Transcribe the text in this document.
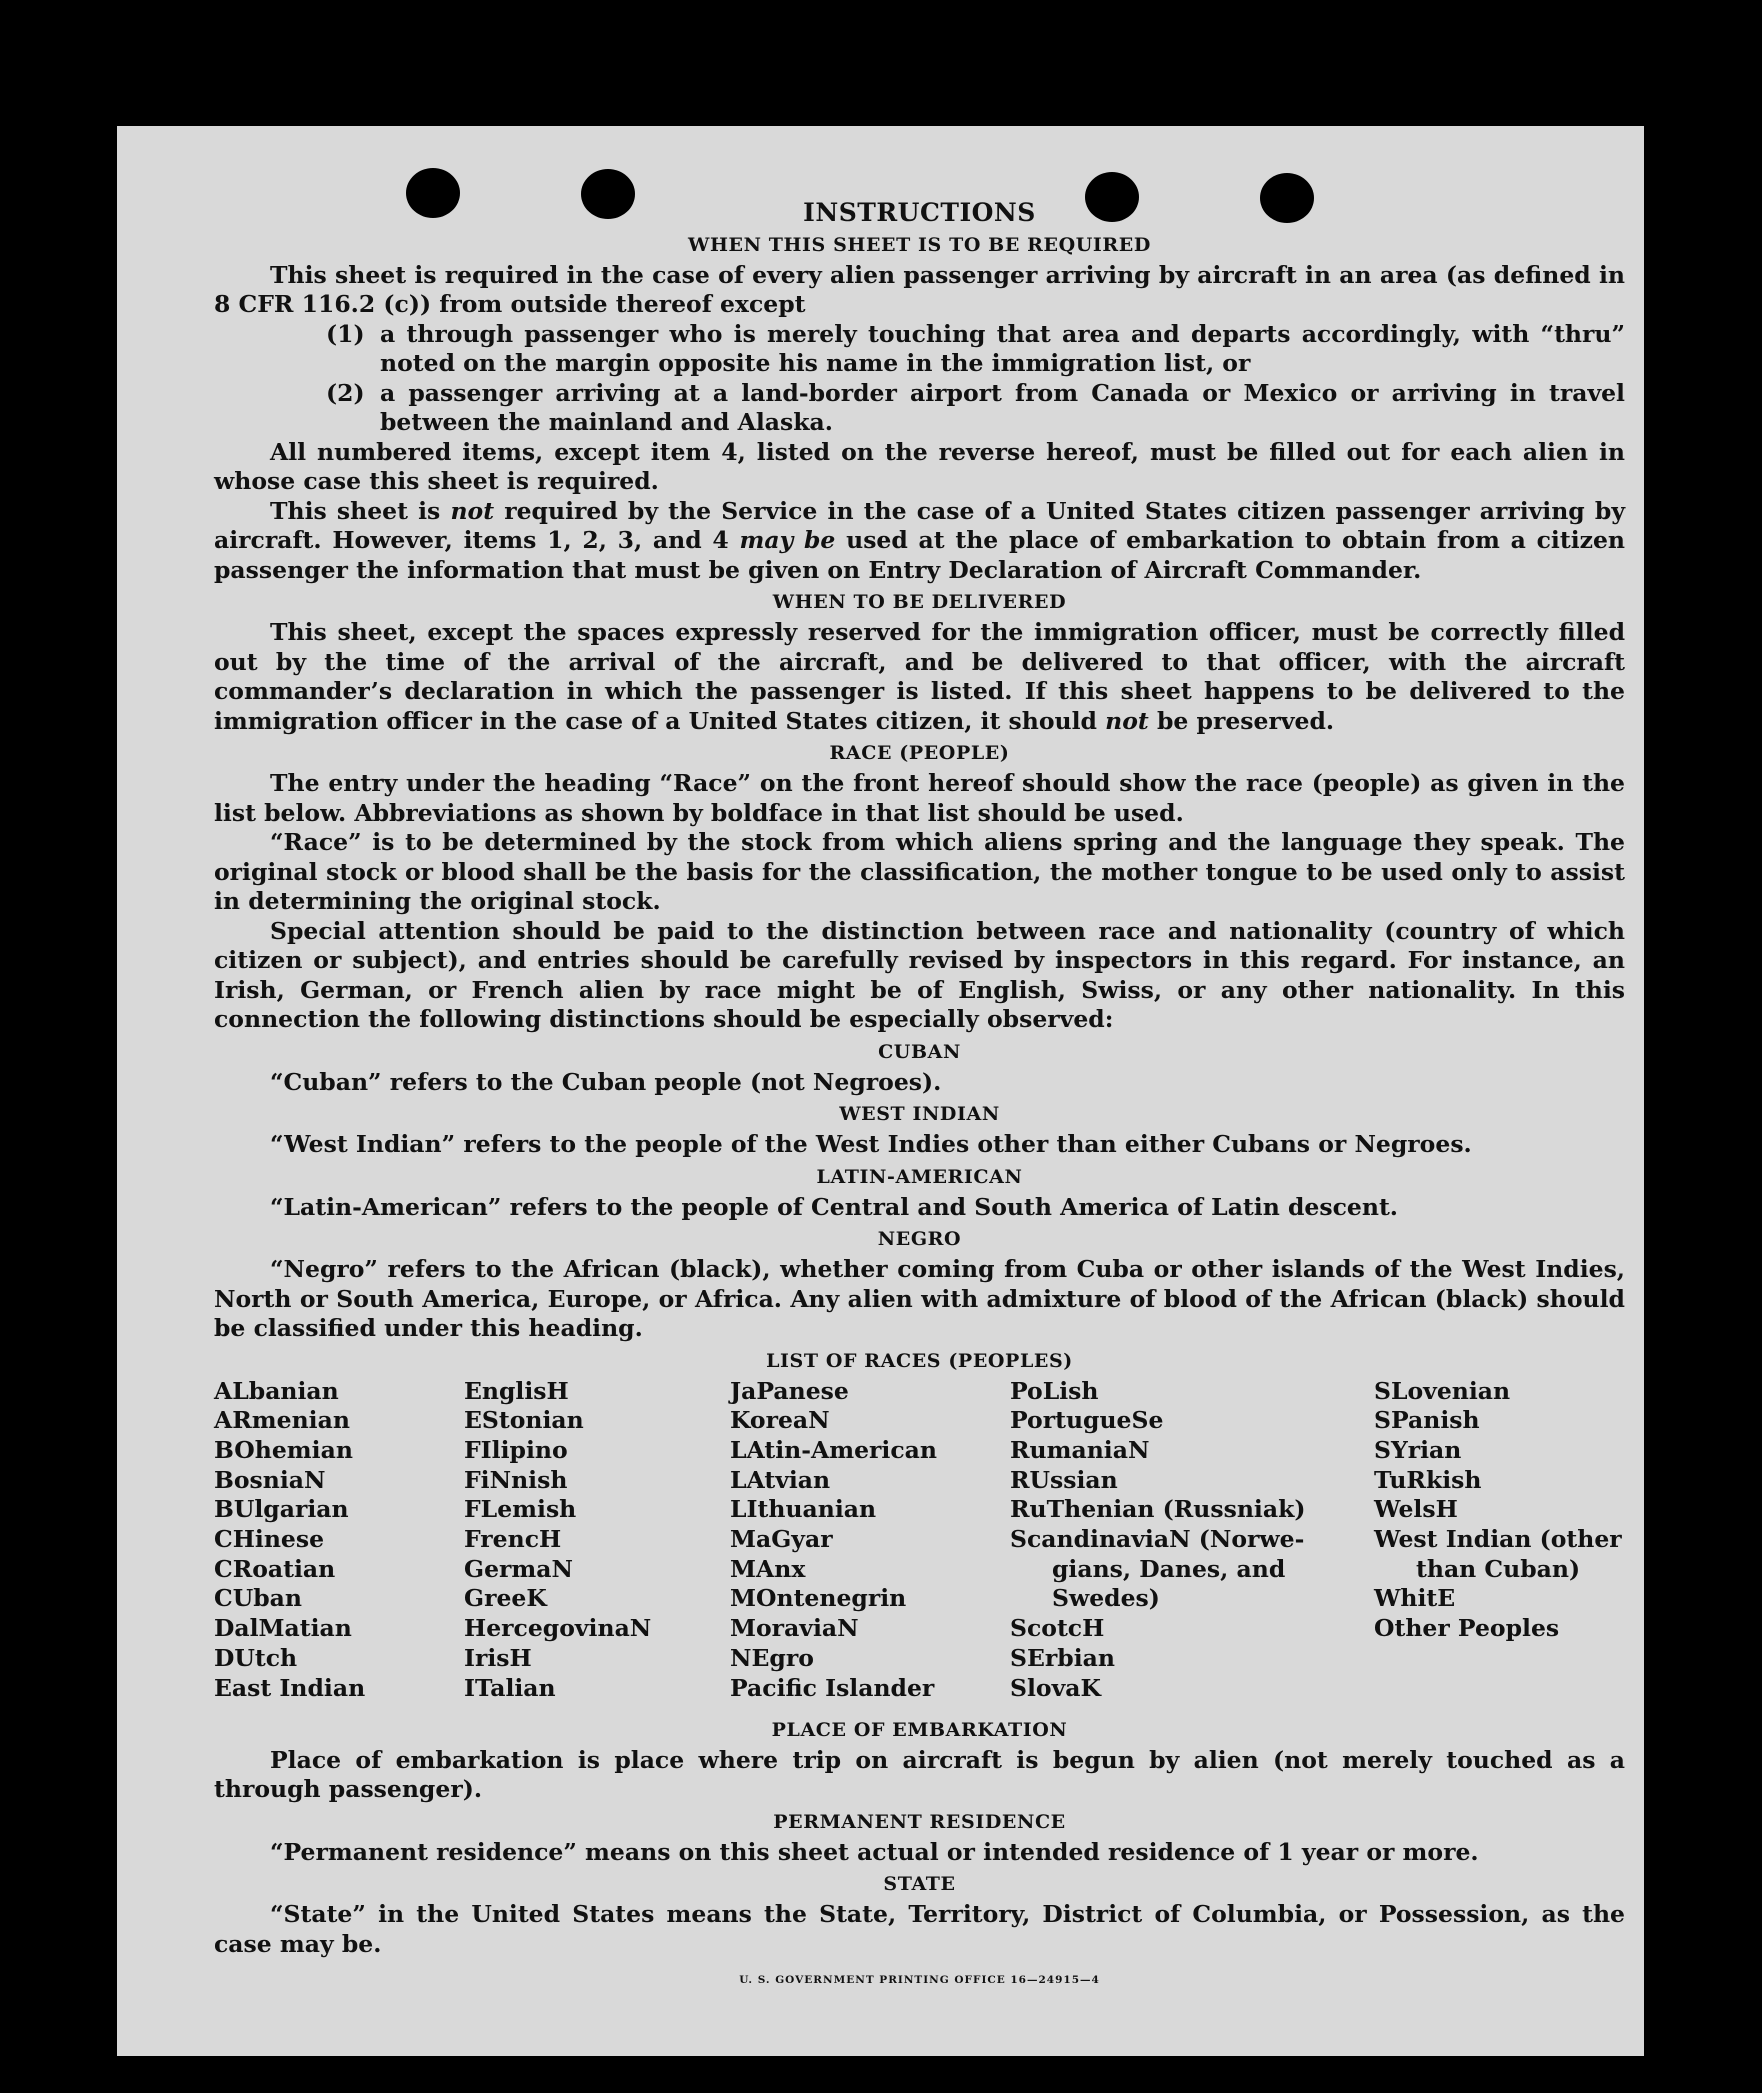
INSTRUCTIONS
WHEN THIS SHEET IS TO BE REQUIRED

This sheet is required in the case of every alien passenger arriving by aircraft in an area (as defined in 8 CFR 116.2 (c)) from outside thereof except

(1) a through passenger who is merely touching that area and departs accordingly, with “thru” noted on the margin opposite his name in the immigration list, or
(2) a passenger arriving at a land-border airport from Canada or Mexico or arriving in travel between the mainland and Alaska.

All numbered items, except item 4, listed on the reverse hereof, must be filled out for each alien in whose case this sheet is required.

This sheet is not required by the Service in the case of a United States citizen passenger arriving by aircraft. However, items 1, 2, 3, and 4 may be used at the place of embarkation to obtain from a citizen passenger the information that must be given on Entry Declaration of Aircraft Commander.

WHEN TO BE DELIVERED

This sheet, except the spaces expressly reserved for the immigration officer, must be correctly filled out by the time of the arrival of the aircraft, and be delivered to that officer, with the aircraft commander’s declaration in which the passenger is listed. If this sheet happens to be delivered to the immigration officer in the case of a United States citizen, it should not be preserved.

RACE (PEOPLE)

The entry under the heading “Race” on the front hereof should show the race (people) as given in the list below. Abbreviations as shown by boldface in that list should be used.

“Race” is to be determined by the stock from which aliens spring and the language they speak. The original stock or blood shall be the basis for the classification, the mother tongue to be used only to assist in determining the original stock.

Special attention should be paid to the distinction between race and nationality (country of which citizen or subject), and entries should be carefully revised by inspectors in this regard. For instance, an Irish, German, or French alien by race might be of English, Swiss, or any other nationality. In this connection the following distinctions should be especially observed:

CUBAN
“Cuban” refers to the Cuban people (not Negroes).
WEST INDIAN
“West Indian” refers to the people of the West Indies other than either Cubans or Negroes.
LATIN-AMERICAN
“Latin-American” refers to the people of Central and South America of Latin descent.
NEGRO

“Negro” refers to the African (black), whether coming from Cuba or other islands of the West Indies, North or South America, Europe, or Africa. Any alien with admixture of blood of the African (black) should be classified under this heading.

LIST OF RACES (PEOPLES)
ALbanian
ARmenian
BOhemian
BosniaN
BUlgarian
CHinese
CRoatian
CUban
DalMatian
DUtch
East Indian
EnglisH
EStonian
FIlipino
FiNnish
FLemish
FrencH
GermaN
GreeK
HercegovinaN
IrisH
ITalian
JaPanese
KoreaN
LAtin-American
LAtvian
LIthuanian
MaGyar
MAnx
MOntenegrin
MoraviaN
NEgro
Pacific Islander
PoLish
PortugueSe
RumaniaN
RUssian
RuThenian (Russniak)
ScandinaviaN (Norwe-
gians, Danes, and
Swedes)
ScotcH
SErbian
SlovaK
SLovenian
SPanish
SYrian
TuRkish
WelsH
West Indian (other
than Cuban)
WhitE
Other Peoples
PLACE OF EMBARKATION

Place of embarkation is place where trip on aircraft is begun by alien (not merely touched as a through passenger).

PERMANENT RESIDENCE
“Permanent residence” means on this sheet actual or intended residence of 1 year or more.
STATE

“State” in the United States means the State, Territory, District of Columbia, or Possession, as the case may be.

U. S. GOVERNMENT PRINTING OFFICE 16—24915—4
